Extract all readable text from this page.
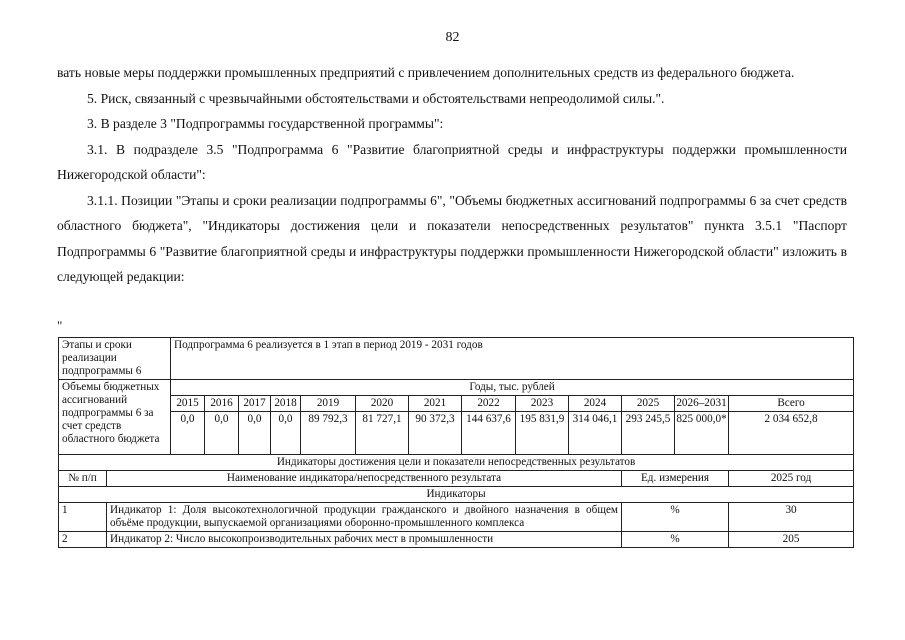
82

вать новые меры поддержки промышленных предприятий с привлечением дополнительных средств из федерального бюджета.

5. Риск, связанный с чрезвычайными обстоятельствами и обстоятельствами непреодолимой силы.".

3. В разделе 3 "Подпрограммы государственной программы":

3.1. В подразделе 3.5 "Подпрограмма 6 "Развитие благоприятной среды и инфраструктуры поддержки промышленности Нижегородской области":

3.1.1. Позиции "Этапы и сроки реализации подпрограммы 6", "Объемы бюджетных ассигнований подпрограммы 6 за счет средств областного бюджета", "Индикаторы достижения цели и показатели непосредственных результатов" пункта 3.5.1 "Паспорт Подпрограммы 6 "Развитие благоприятной среды и инфраструктуры поддержки промышленности Нижегородской области" изложить в следующей редакции:

"
Этапы и сроки реализации подпрограммы 6		Подпрограмма 6 реализуется в 1 этап в период 2019 - 2031 годов												
Объемы бюджетных ассигнований подпрограммы 6 за счет средств областного бюджета		Годы, тыс. рублей												
		2015	2016	2017	2018	2019	2020	2021	2022	2023	2024	2025	2026–2031	Всего
		0,0	0,0	0,0	0,0	89 792,3	81 727,1	90 372,3	144 637,6	195 831,9	314 046,1	293 245,5	825 000,0*	2 034 652,8
Индикаторы достижения цели и показатели непосредственных результатов														
№ п/п	Наименование индикатора/непосредственного результата											Ед. измерения		2025 год
Индикаторы														
1	Индикатор 1: Доля высокотехнологичной продукции гражданского и двойного назначения в общем объёме продукции, выпускаемой организациями оборонно-промышленного комплекса											%		30
2	Индикатор 2: Число высокопроизводительных рабочих мест в промышленности											%		205
